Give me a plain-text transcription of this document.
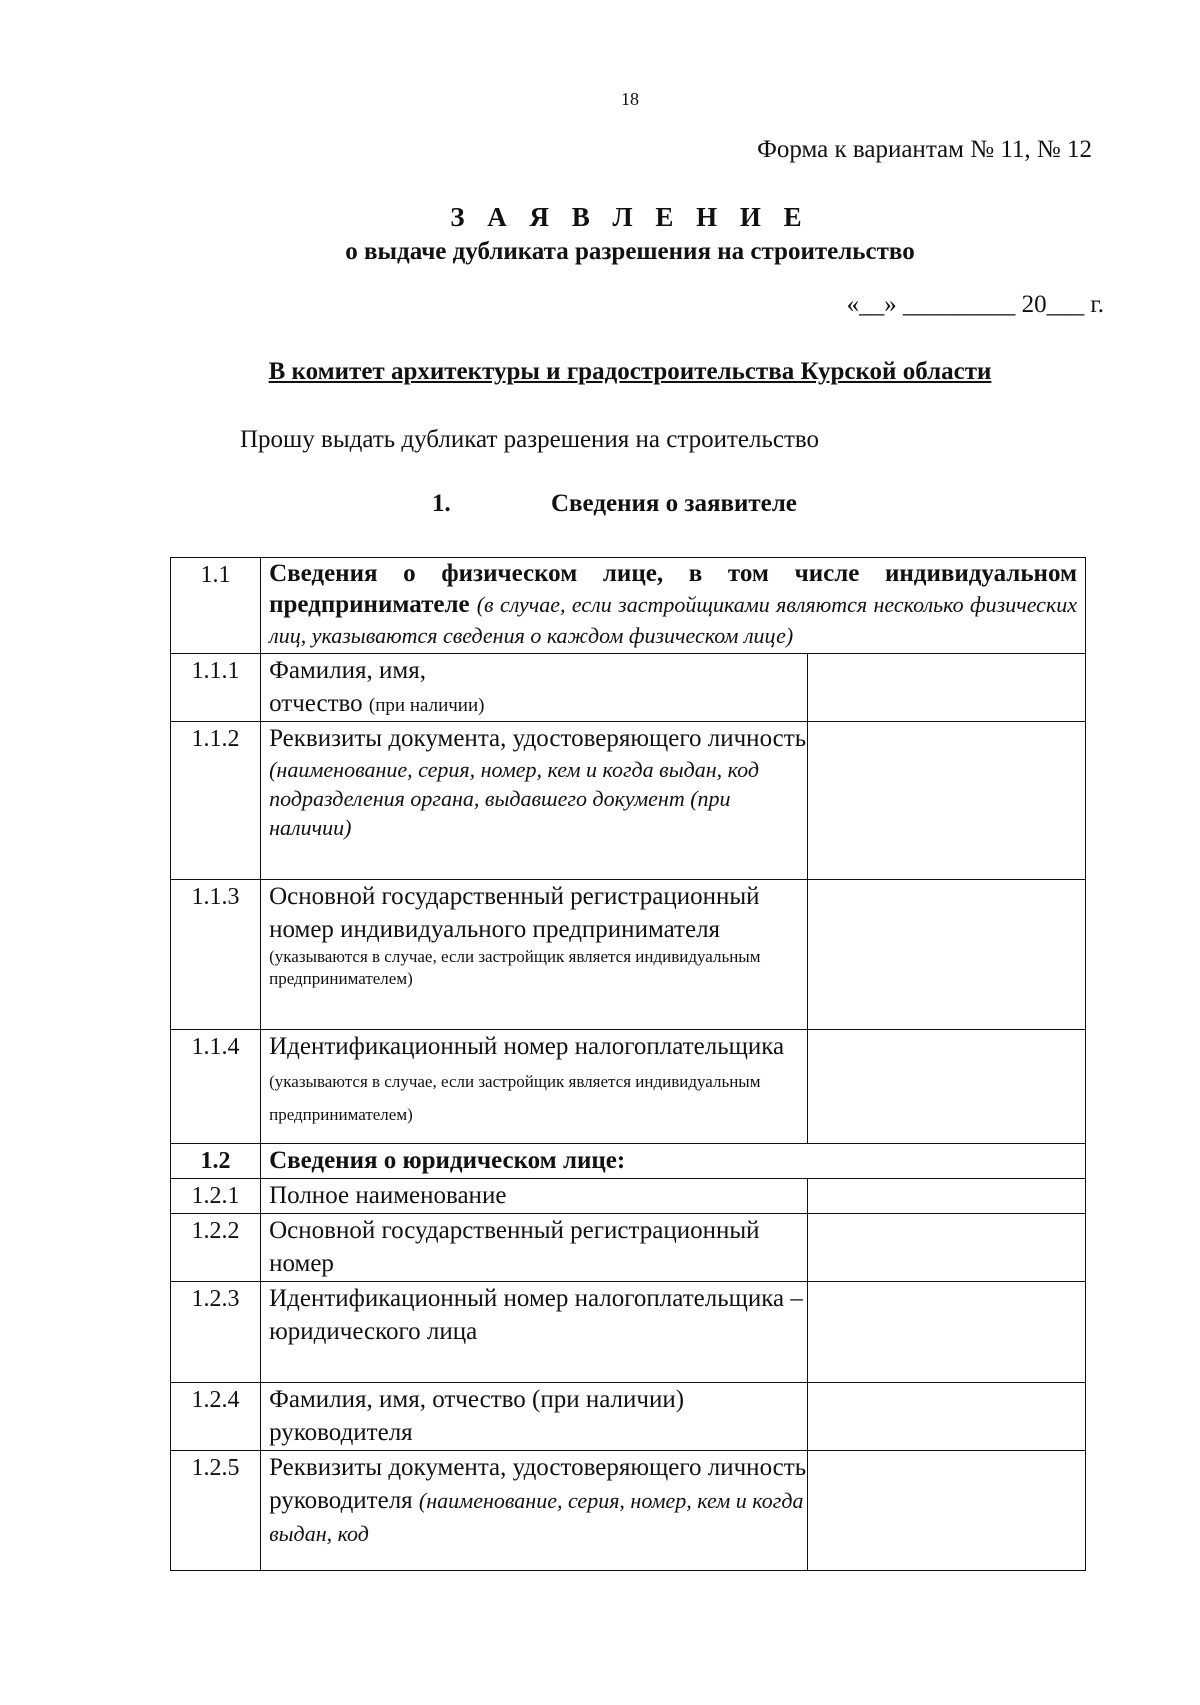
18
Форма к вариантам № 11, № 12
З А Я В Л Е Н И Е
о выдаче дубликата разрешения на строительство
«__» _________ 20___ г.
В комитет архитектуры и градостроительства Курской области
Прошу выдать дубликат разрешения на строительство
1.	Сведения о заявителе
1.1	Сведения о физическом лице, в том числе индивидуальном предпринимателе (в случае, если застройщиками являются несколько физических лиц, указываются сведения о каждом физическом лице)	
1.1.1	Фамилия, имя,
отчество (при наличии)	

1.1.2	Реквизиты документа, удостоверяющего личность
(наименование, серия, номер, кем и когда выдан, код подразделения органа, выдавшего документ (при наличии)	

1.1.3	Основной государственный регистрационный номер индивидуального предпринимателя
(указываются в случае, если застройщик является индивидуальным предпринимателем)	

1.1.4	Идентификационный номер налогоплательщика (указываются в случае, если застройщик является индивидуальным предпринимателем)	
1.2	Сведения о юридическом лице:	
1.2.1	Полное наименование	
1.2.2	Основной государственный регистрационный номер	
1.2.3	Идентификационный номер налогоплательщика – юридического лица	
1.2.4	Фамилия, имя, отчество (при наличии) руководителя	
1.2.5	Реквизиты документа, удостоверяющего личность руководителя (наименование, серия, номер, кем и когда выдан, код	
